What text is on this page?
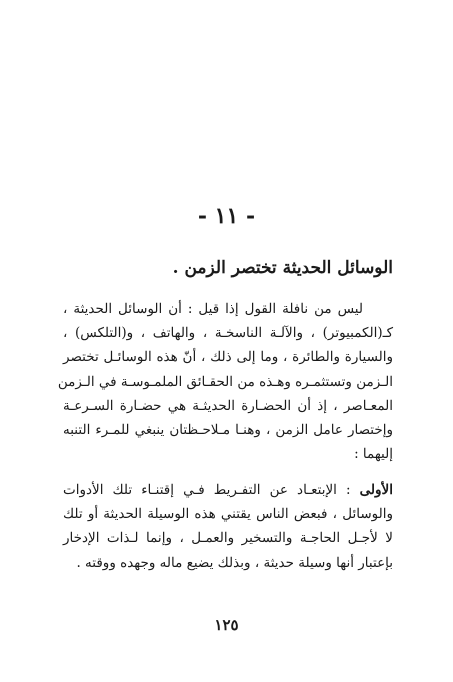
- ١١ -
الوسائل الحديثة تختصر الزمن .
ليس من نافلة القول إذا قيل : أن الوسائل الحديثة ،
كـ(الكمبيوتر) ، والآلـة الناسخـة ، والهاتف ، و(التلكس) ،
والسيارة والطائرة ، وما إلى ذلك ، أنّ هذه الوسائـل تختصر
الـزمن وتستثمـره وهـذه من الحقـائق الملمـوسـة في الـزمن
المعـاصر ، إذ أن الحضـارة الحديثـة هي حضـارة السـرعـة
وإختصار عامل الزمن ، وهنـا مـلاحـظتان ينبغي للمـرء التنبه
إليهما :
الأولى : الإبتعـاد عن التفـريط فـي إقتنـاء تلك الأدوات
والوسائل ، فبعض الناس يقتني هذه الوسيلة الحديثة أو تلك
لا لأجـل الحاجـة والتسخير والعمـل ، وإنما لـذات الإدخار
بإعتبار أنها وسيلة حديثة ، وبذلك يضيع ماله وجهده ووقته .
١٢٥
